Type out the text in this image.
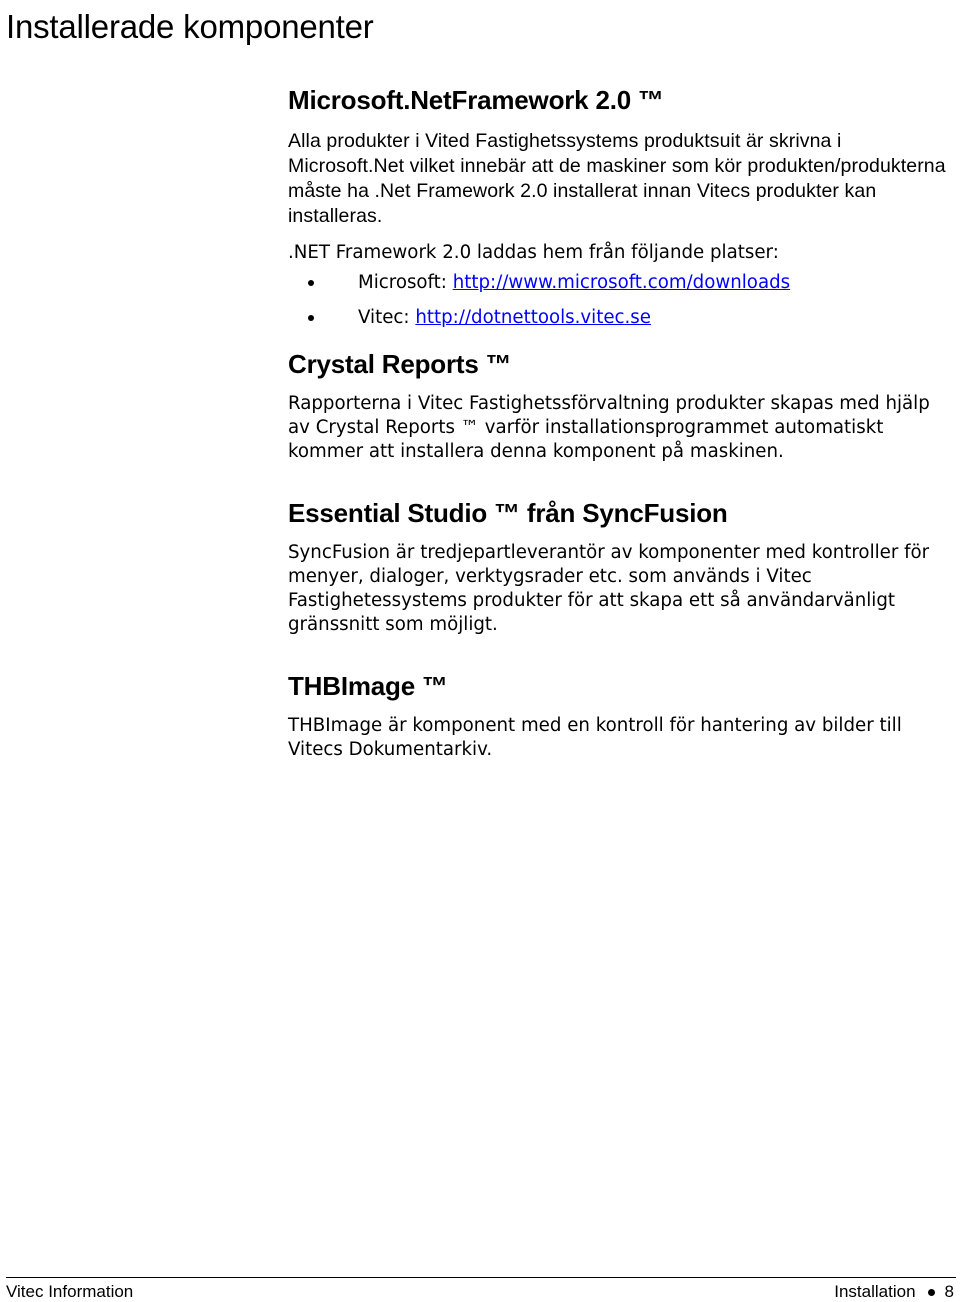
Installerade komponenter
Microsoft.NetFramework 2.0 ™

Alla produkter i Vited Fastighetssystems produktsuit är skrivna i Microsoft.Net vilket innebär att de maskiner som kör produkten/produkterna måste ha .Net Framework 2.0 installerat innan Vitecs produkter kan installeras.

.NET Framework 2.0 laddas hem från följande platser:

Microsoft: http://www.microsoft.com/downloads
Vitec: http://dotnettools.vitec.se
Crystal Reports ™

Rapporterna i Vitec Fastighetssförvaltning produkter skapas med hjälp av Crystal Reports ™ varför installationsprogrammet automatiskt kommer att installera denna komponent på maskinen.

Essential Studio ™ från SyncFusion

SyncFusion är tredjepartleverantör av komponenter med kontroller för menyer, dialoger, verktygsrader etc. som används i Vitec Fastighetessystems produkter för att skapa ett så användarvänligt gränssnitt som möjligt.

THBImage ™

THBImage är komponent med en kontroll för hantering av bilder till Vitecs Dokumentarkiv.

Vitec Information	Installation 8
